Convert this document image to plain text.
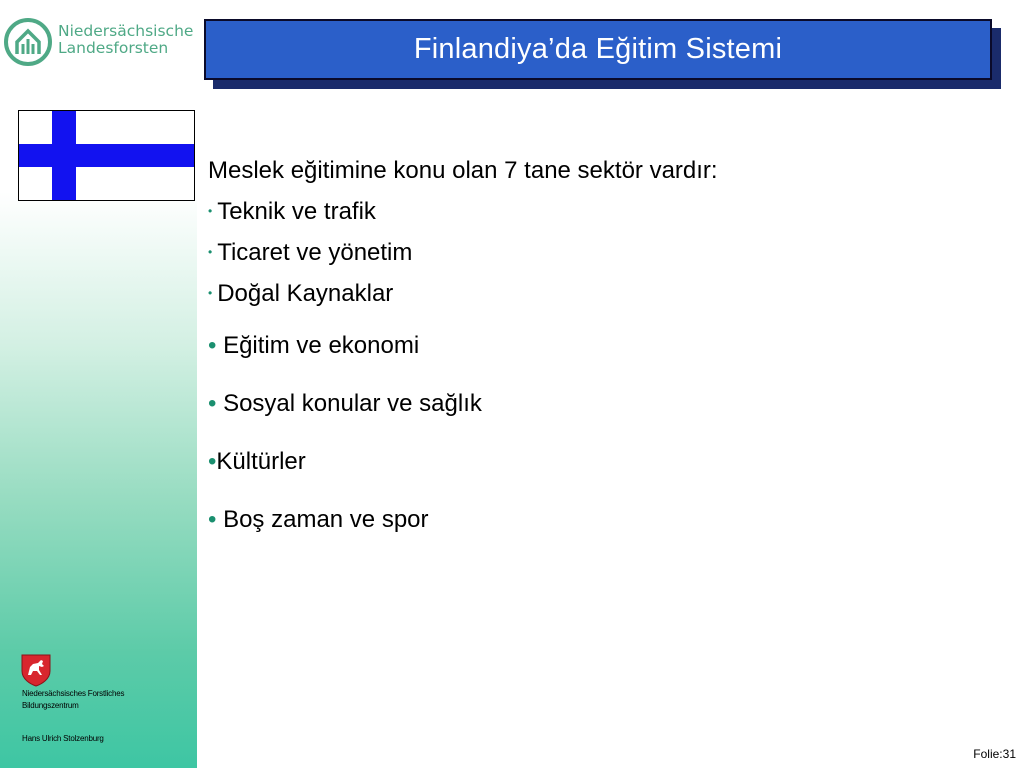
Niedersächsische
Landesforsten	Finlandiya’da Eğitim Sistemi
Meslek eğitimine konu olan 7 tane sektör vardır:
• Teknik ve trafik
• Ticaret ve yönetim
• Doğal Kaynaklar
• Eğitim ve ekonomi
• Sosyal konular ve sağlık
•Kültürler
• Boş zaman ve spor
Niedersächsisches Forstliches
Bildungszentrum
Hans Ulrich Stolzenburg
Folie:31
